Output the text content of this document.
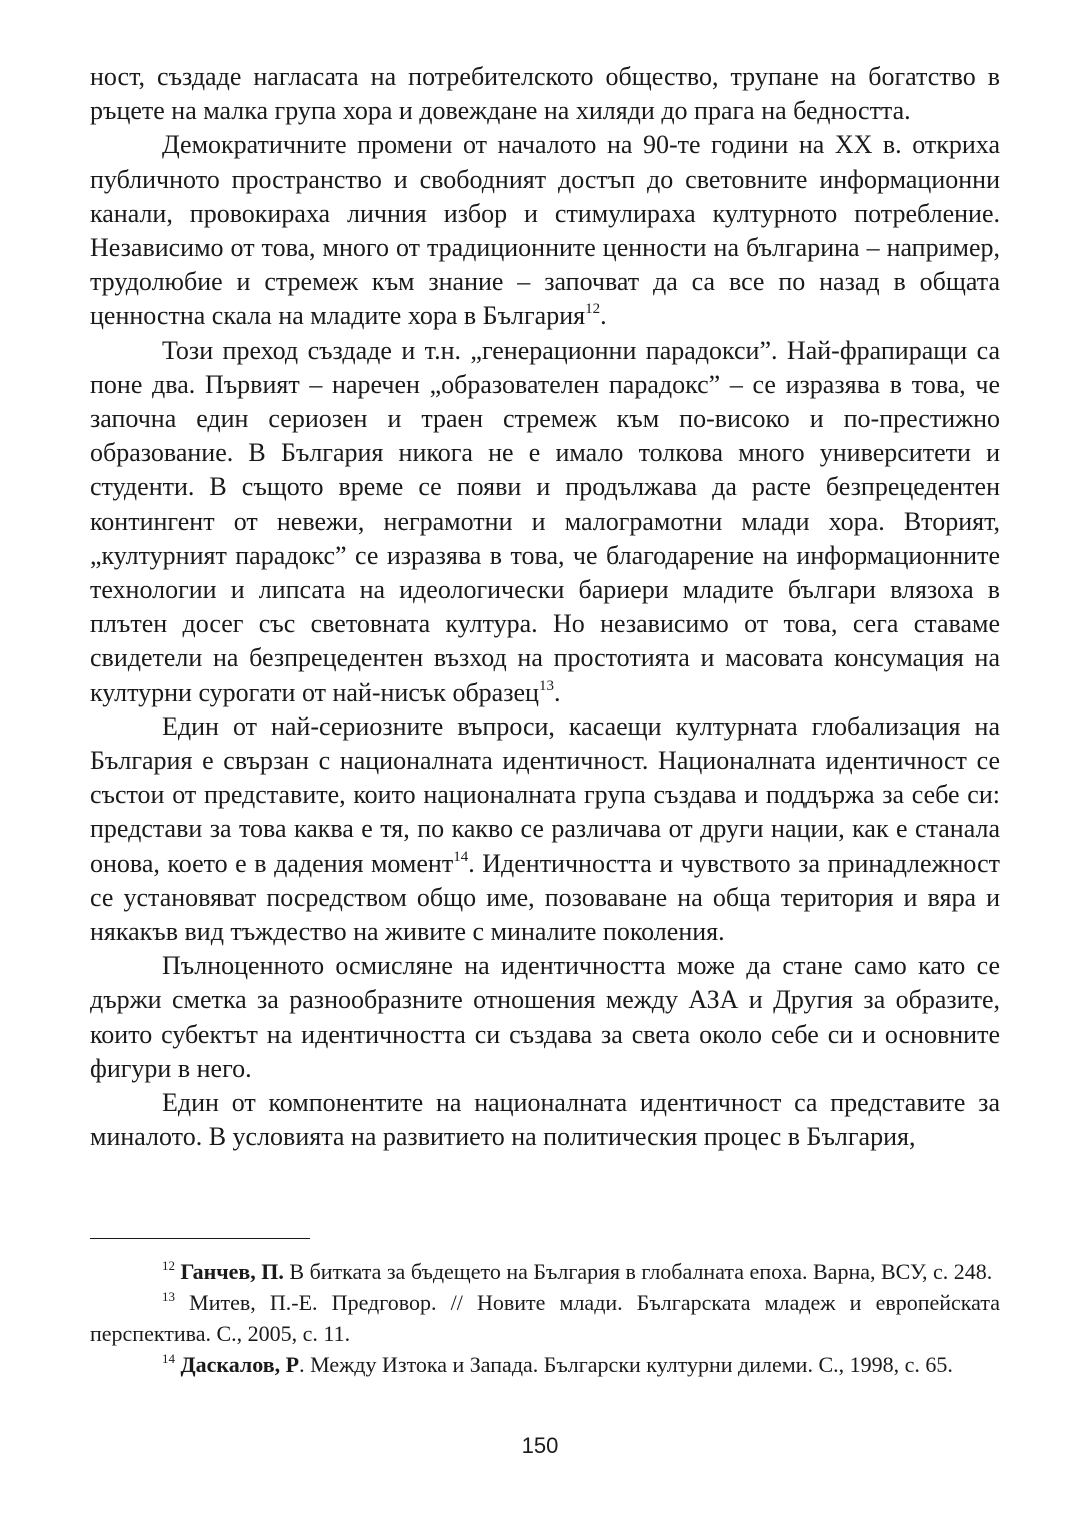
ност, създаде нагласата на потребителското общество, трупане на богатство в ръцете на малка група хора и довеждане на хиляди до прага на бедността.

Демократичните промени от началото на 90-те години на ХХ в. откриха публичното пространство и свободният достъп до световните информационни канали, провокираха личния избор и стимулираха културното потребление. Независимо от това, много от традиционните ценности на българина – например, трудолюбие и стремеж към знание – започват да са все по назад в общата ценностна скала на младите хора в България$^{12}$.

Този преход създаде и т.н. „генерационни парадокси”. Най-фрапиращи са поне два. Първият – наречен „образователен парадокс” – се изразява в това, че започна един сериозен и траен стремеж към по-високо и по-престижно образование. В България никога не е имало толкова много университети и студенти. В същото време се появи и продължава да расте безпрецедентен контингент от невежи, неграмотни и малограмотни млади хора. Вторият, „културният парадокс” се изразява в това, че благодарение на информационните технологии и липсата на идеологически бариери младите българи влязоха в плътен досег със световната култура. Но независимо от това, сега ставаме свидетели на безпрецедентен възход на простотията и масовата консумация на културни сурогати от най-нисък образец$^{13}$.

Един от най-сериозните въпроси, касаещи културната глобализация на България е свързан с националната идентичност. Националната идентичност се състои от представите, които националната група създава и поддържа за себе си: представи за това каква е тя, по какво се различава от други нации, как е станала онова, което е в дадения момент$^{14}$. Идентичността и чувството за принадлежност се установяват посредством общо име, позоваване на обща територия и вяра и някакъв вид тъждество на живите с миналите поколения.

Пълноценното осмисляне на идентичността може да стане само като се държи сметка за разнообразните отношения между АЗА и Другия за образите, които субектът на идентичността си създава за света около себе си и основните фигури в него.

Един от компонентите на националната идентичност са представите за миналото. В условията на развитието на политическия процес в България,

$^{12}$ Ганчев, П. В битката за бъдещето на България в глобалната епоха. Варна, ВСУ, с. 248.

$^{13}$ Митев, П.-Е. Предговор. // Новите млади. Българската младеж и европейската перспектива. С., 2005, с. 11.

$^{14}$ Даскалов, Р. Между Изтока и Запада. Български културни дилеми. С., 1998, с. 65.

150
